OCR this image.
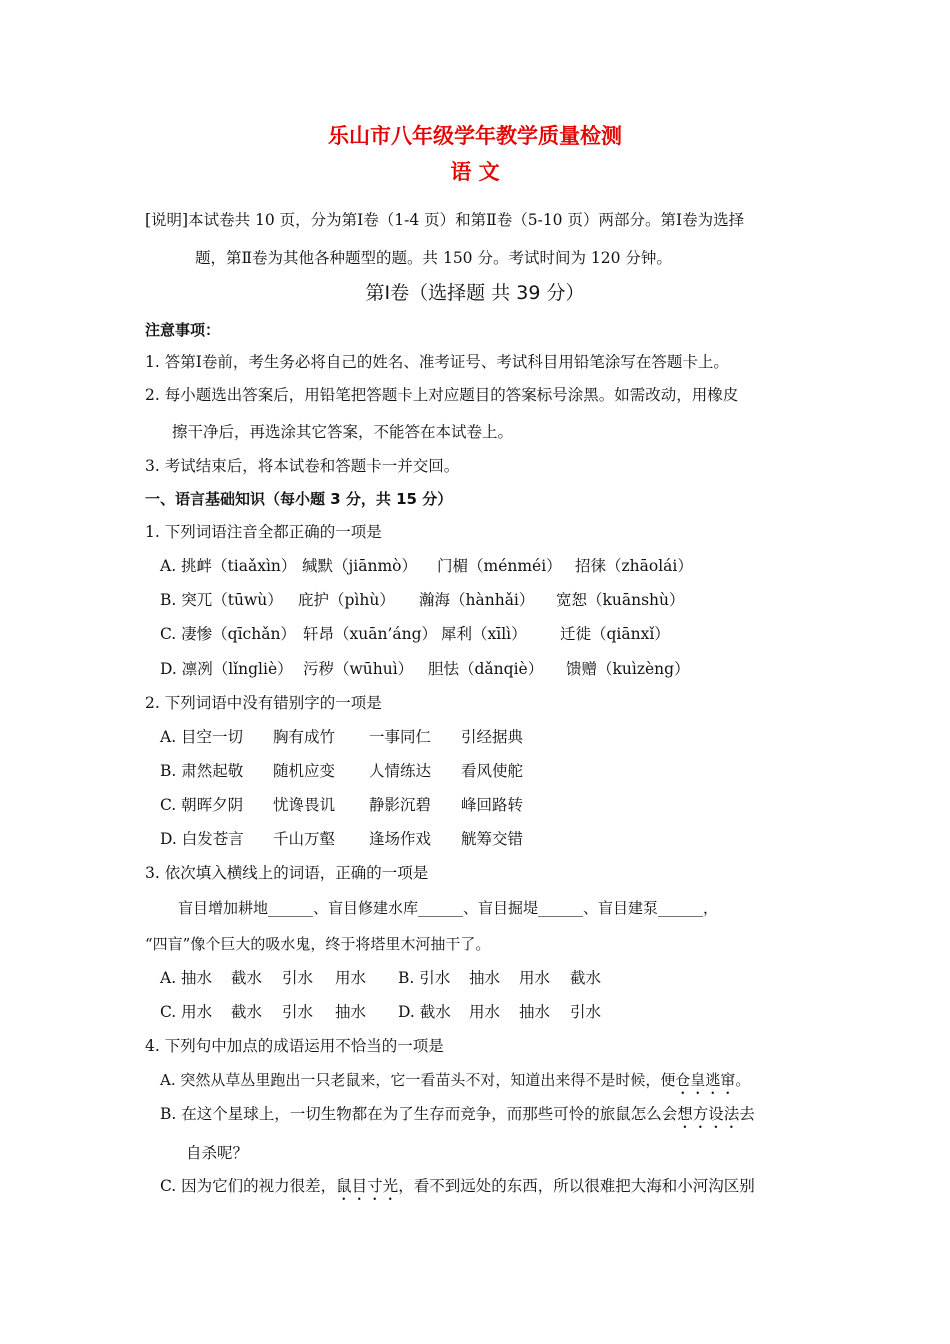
乐山市八年级学年教学质量检测
语 文
[说明]本试卷共 10 页，分为第Ⅰ卷（1-4 页）和第Ⅱ卷（5-10 页）两部分。第Ⅰ卷为选择
题，第Ⅱ卷为其他各种题型的题。共 150 分。考试时间为 120 分钟。
第Ⅰ卷（选择题 共 39 分）
注意事项：
1. 答第Ⅰ卷前，考生务必将自己的姓名、准考证号、考试科目用铅笔涂写在答题卡上。
2. 每小题选出答案后，用铅笔把答题卡上对应题目的答案标号涂黑。如需改动，用橡皮
擦干净后，再选涂其它答案，不能答在本试卷上。
3. 考试结束后，将本试卷和答题卡一并交回。
一、语言基础知识（每小题 3 分，共 15 分）
1. 下列词语注音全都正确的一项是
A. 挑衅（tiaǎxìn） 缄默（jiānmò） 门楣（ménméi） 招徕（zhāolái）
B. 突兀（tūwù） 庇护（pìhù） 瀚海（hànhǎi） 宽恕（kuānshù）
C. 凄惨（qīchǎn） 轩昂（xuān’áng） 犀利（xīlì） 迁徙（qiānxǐ）
D. 凛冽（lǐngliè） 污秽（wūhuì） 胆怯（dǎnqiè） 馈赠（kuìzèng）
2. 下列词语中没有错别字的一项是
A. 目空一切 胸有成竹 一事同仁 引经据典
B. 肃然起敬 随机应变 人情练达 看风使舵
C. 朝晖夕阴 忧谗畏讥 静影沉碧 峰回路转
D. 白发苍言 千山万壑 逢场作戏 觥筹交错
3. 依次填入横线上的词语，正确的一项是
盲目增加耕地______、盲目修建水库______、盲目掘堤______、盲目建泵______，
“四盲”像个巨大的吸水鬼，终于将塔里木河抽干了。
A. 抽水 截水 引水 用水 B. 引水 抽水 用水 截水
C. 用水 截水 引水 抽水 D. 截水 用水 抽水 引水
4. 下列句中加点的成语运用不恰当的一项是
A. 突然从草丛里跑出一只老鼠来，它一看苗头不对，知道出来得不是时候，便仓皇逃窜。
B. 在这个星球上，一切生物都在为了生存而竞争，而那些可怜的旅鼠怎么会想方设法去
自杀呢？
C. 因为它们的视力很差，鼠目寸光，看不到远处的东西，所以很难把大海和小河沟区别
